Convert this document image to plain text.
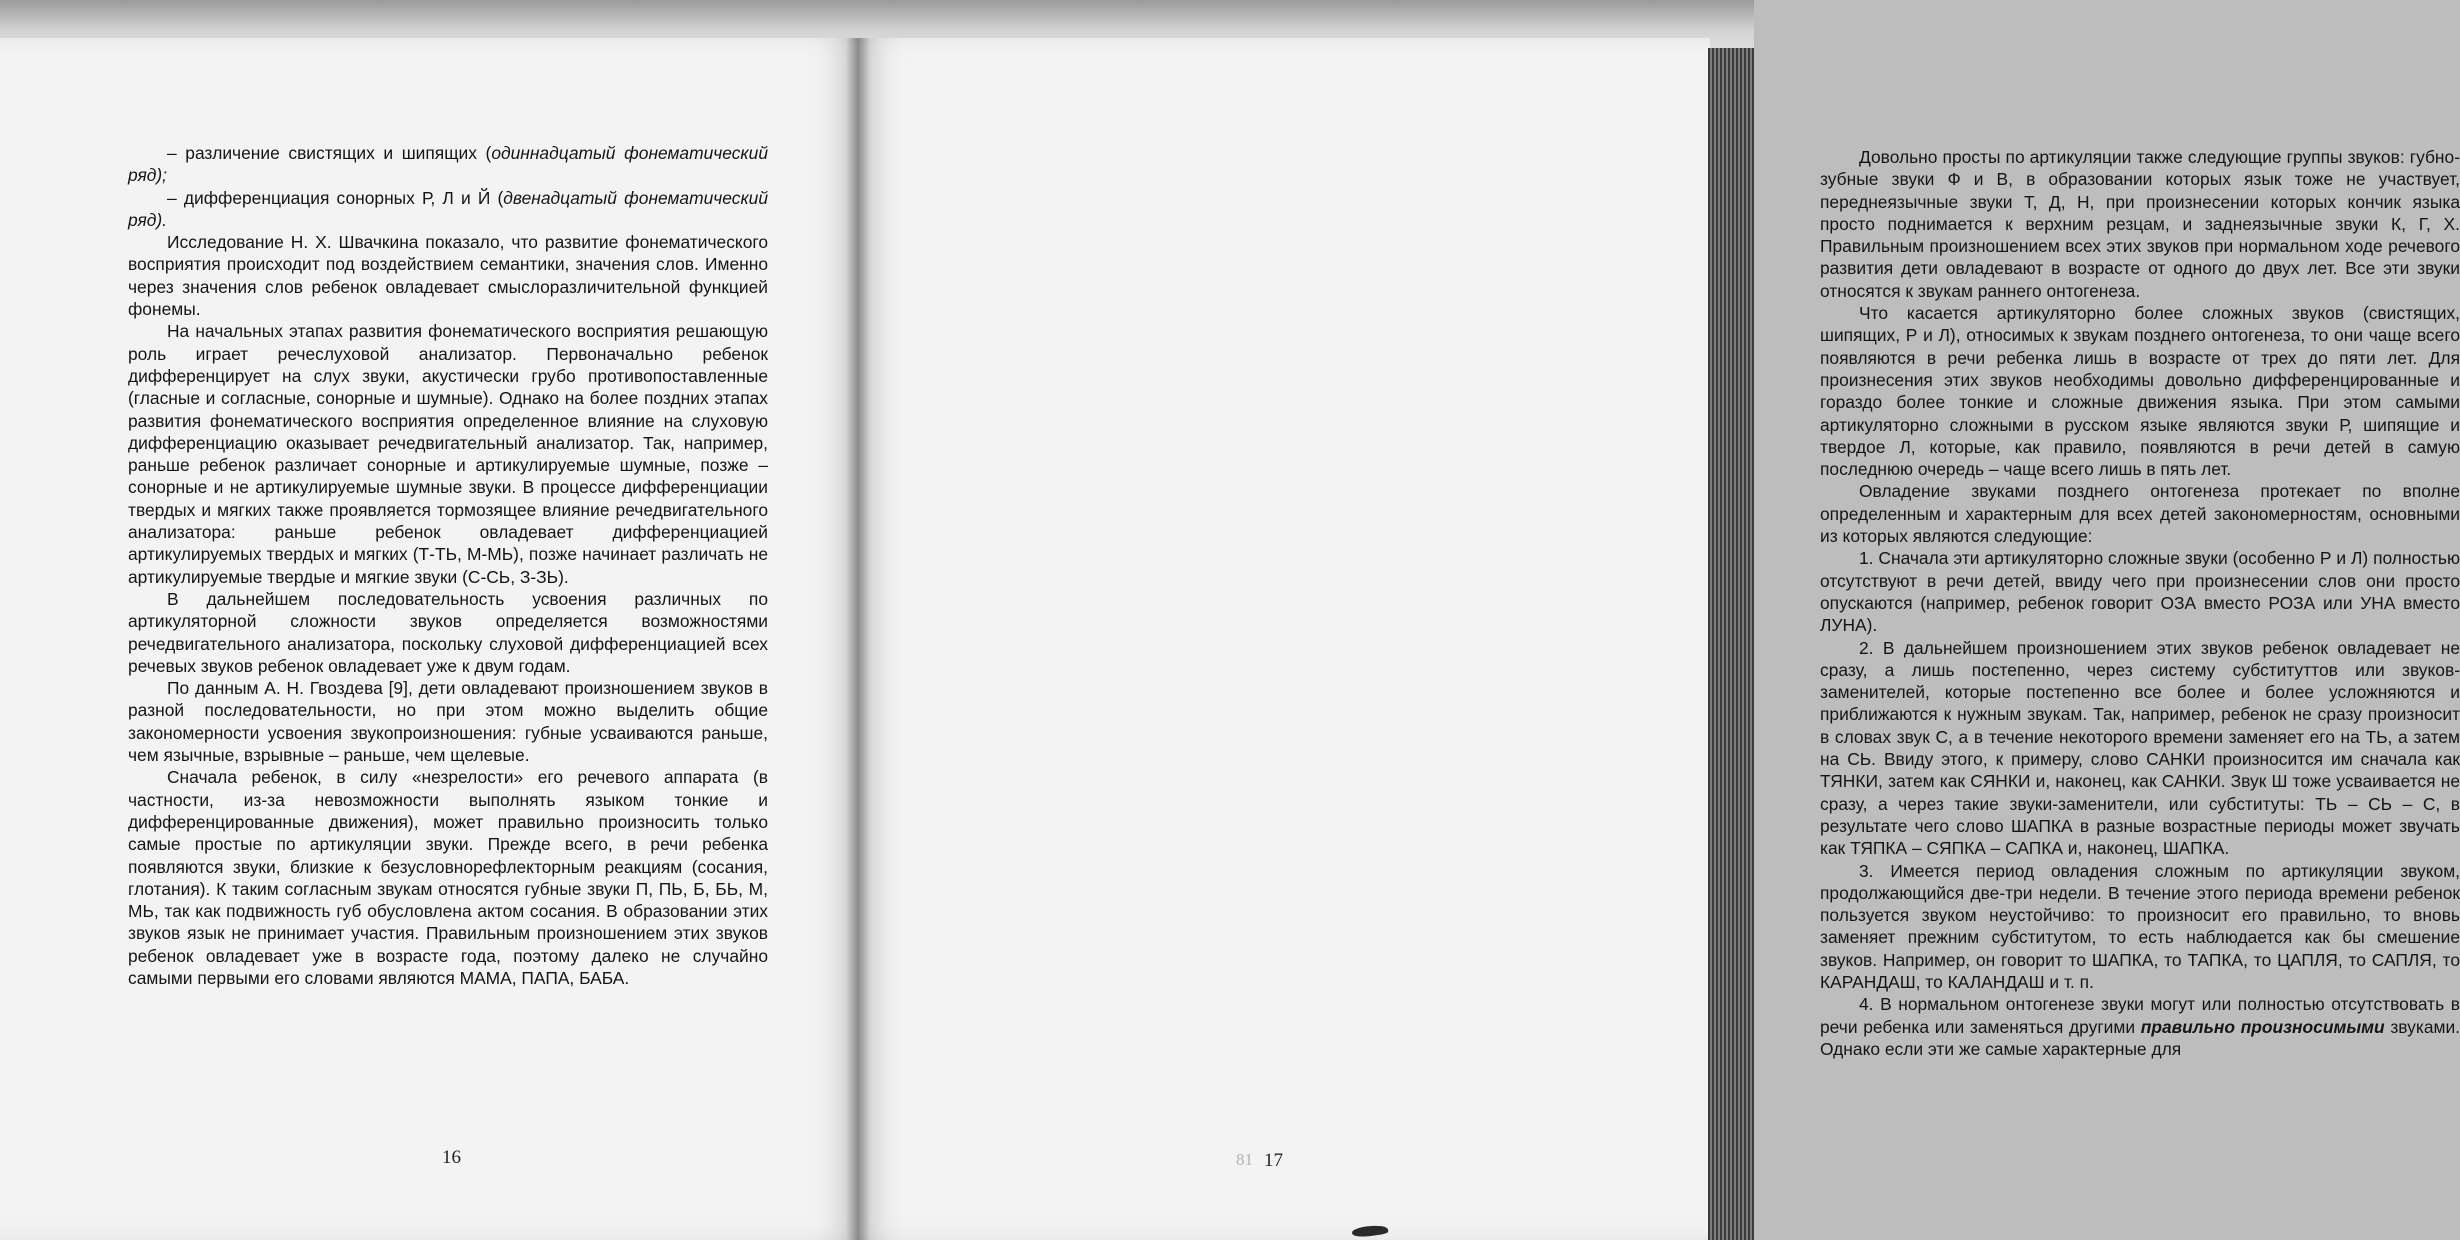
– различение свистящих и шипящих (одиннадцатый фонематический ряд);

– дифференциация сонорных Р, Л и Й (двенадцатый фонематический ряд).

Исследование Н. Х. Швачкина показало, что развитие фонематического восприятия происходит под воздействием семантики, значения слов. Именно через значения слов ребенок овладевает смыслоразличительной функцией фонемы.

На начальных этапах развития фонематического восприятия решающую роль играет речеслуховой анализатор. Первоначально ребенок дифференцирует на слух звуки, акустически грубо противопоставленные (гласные и согласные, сонорные и шумные). Однако на более поздних этапах развития фонематического восприятия определенное влияние на слуховую дифференциацию оказывает речедвигательный анализатор. Так, например, раньше ребенок различает сонорные и артикулируемые шумные, позже – сонорные и не артикулируемые шумные звуки. В процессе дифференциации твердых и мягких также проявляется тормозящее влияние речедвигательного анализатора: раньше ребенок овладевает дифференциацией артикулируемых твердых и мягких (Т-ТЬ, М-МЬ), позже начинает различать не артикулируемые твердые и мягкие звуки (С-СЬ, З-ЗЬ).

В дальнейшем последовательность усвоения различных по артикуляторной сложности звуков определяется возможностями речедвигательного анализатора, поскольку слуховой дифференциацией всех речевых звуков ребенок овладевает уже к двум годам.

По данным А. Н. Гвоздева [9], дети овладевают произношением звуков в разной последовательности, но при этом можно выделить общие закономерности усвоения звукопроизношения: губные усваиваются раньше, чем язычные, взрывные – раньше, чем щелевые.

Сначала ребенок, в силу «незрелости» его речевого аппарата (в частности, из-за невозможности выполнять языком тонкие и дифференцированные движения), может правильно произносить только самые простые по артикуляции звуки. Прежде всего, в речи ребенка появляются звуки, близкие к безусловнорефлекторным реакциям (сосания, глотания). К таким согласным звукам относятся губные звуки П, ПЬ, Б, БЬ, М, МЬ, так как подвижность губ обусловлена актом сосания. В образовании этих звуков язык не принимает участия. Правильным произношением этих звуков ребенок овладевает уже в возрасте года, поэтому далеко не случайно самыми первыми его словами являются МАМА, ПАПА, БАБА.

16

Довольно просты по артикуляции также следующие группы звуков: губно-зубные звуки Ф и В, в образовании которых язык тоже не участвует, переднеязычные звуки Т, Д, Н, при произнесении которых кончик языка просто поднимается к верхним резцам, и заднеязычные звуки К, Г, Х. Правильным произношением всех этих звуков при нормальном ходе речевого развития дети овладевают в возрасте от одного до двух лет. Все эти звуки относятся к звукам раннего онтогенеза.

Что касается артикуляторно более сложных звуков (свистящих, шипящих, Р и Л), относимых к звукам позднего онтогенеза, то они чаще всего появляются в речи ребенка лишь в возрасте от трех до пяти лет. Для произнесения этих звуков необходимы довольно дифференцированные и гораздо более тонкие и сложные движения языка. При этом самыми артикуляторно сложными в русском языке являются звуки Р, шипящие и твердое Л, которые, как правило, появляются в речи детей в самую последнюю очередь – чаще всего лишь в пять лет.

Овладение звуками позднего онтогенеза протекает по вполне определенным и характерным для всех детей закономерностям, основными из которых являются следующие:

1. Сначала эти артикуляторно сложные звуки (особенно Р и Л) полностью отсутствуют в речи детей, ввиду чего при произнесении слов они просто опускаются (например, ребенок говорит ОЗА вместо РОЗА или УНА вместо ЛУНА).

2. В дальнейшем произношением этих звуков ребенок овладевает не сразу, а лишь постепенно, через систему субституттов или звуков-заменителей, которые постепенно все более и более усложняются и приближаются к нужным звукам. Так, например, ребенок не сразу произносит в словах звук С, а в течение некоторого времени заменяет его на ТЬ, а затем на СЬ. Ввиду этого, к примеру, слово САНКИ произносится им сначала как ТЯНКИ, затем как СЯНКИ и, наконец, как САНКИ. Звук Ш тоже усваивается не сразу, а через такие звуки-заменители, или субституты: ТЬ – СЬ – С, в результате чего слово ШАПКА в разные возрастные периоды может звучать как ТЯПКА – СЯПКА – САПКА и, наконец, ШАПКА.

3. Имеется период овладения сложным по артикуляции звуком, продолжающийся две-три недели. В течение этого периода времени ребенок пользуется звуком неустойчиво: то произносит его правильно, то вновь заменяет прежним субститутом, то есть наблюдается как бы смешение звуков. Например, он говорит то ШАПКА, то ТАПКА, то ЦАПЛЯ, то САПЛЯ, то КАРАНДАШ, то КАЛАНДАШ и т. п.

4. В нормальном онтогенезе звуки могут или полностью отсутствовать в речи ребенка или заменяться другими правильно произносимыми звуками. Однако если эти же самые характерные для

81 17
